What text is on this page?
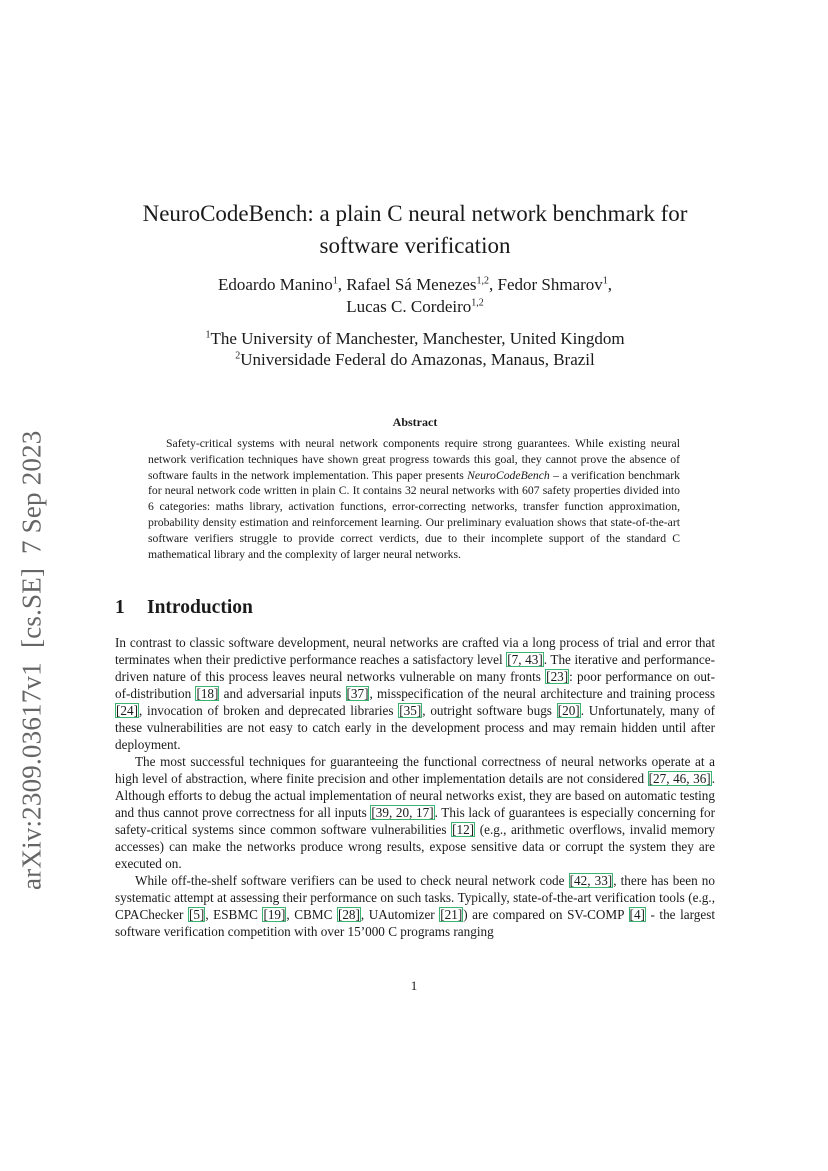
arXiv:2309.03617v1
[cs.SE]
7 Sep 2023
NeuroCodeBench: a plain C neural network benchmark for
software verification
Edoardo Manino$^1$, Rafael Sá Menezes$^{1,2}$, Fedor Shmarov$^1$,
Lucas C. Cordeiro$^{1,2}$
$^1$The University of Manchester, Manchester, United Kingdom
$^2$Universidade Federal do Amazonas, Manaus, Brazil
Abstract

Safety-critical systems with neural network components require strong guarantees. While existing neural network verification techniques have shown great progress towards this goal, they cannot prove the absence of software faults in the network implementation. This paper presents NeuroCodeBench – a verification benchmark for neural network code written in plain C. It contains 32 neural networks with 607 safety properties divided into 6 categories: maths library, activation functions, error-correcting networks, transfer function approximation, probability density estimation and reinforcement learning. Our preliminary evaluation shows that state-of-the-art software verifiers struggle to provide correct verdicts, due to their incomplete support of the standard C mathematical library and the complexity of larger neural networks.

1 Introduction

In contrast to classic software development, neural networks are crafted via a long process of trial and error that terminates when their predictive performance reaches a satisfactory level [7, 43]. The iterative and performance-driven nature of this process leaves neural networks vulnerable on many fronts [23]: poor performance on out-of-distribution [18] and adversarial inputs [37], misspecification of the neural architecture and training process [24], invocation of broken and deprecated libraries [35], outright software bugs [20]. Unfortunately, many of these vulnerabilities are not easy to catch early in the development process and may remain hidden until after deployment.

The most successful techniques for guaranteeing the functional correctness of neural networks operate at a high level of abstraction, where finite precision and other implementation details are not considered [27, 46, 36]. Although efforts to debug the actual implementation of neural networks exist, they are based on automatic testing and thus cannot prove correctness for all inputs [39, 20, 17]. This lack of guarantees is especially concerning for safety-critical systems since common software vulnerabilities [12] (e.g., arithmetic overflows, invalid memory accesses) can make the networks produce wrong results, expose sensitive data or corrupt the system they are executed on.

While off-the-shelf software verifiers can be used to check neural network code [42, 33], there has been no systematic attempt at assessing their performance on such tasks. Typically, state-of-the-art verification tools (e.g., CPAChecker [5], ESBMC [19], CBMC [28], UAutomizer [21]) are compared on SV-COMP [4] - the largest software verification competition with over 15’000 C programs ranging

1
